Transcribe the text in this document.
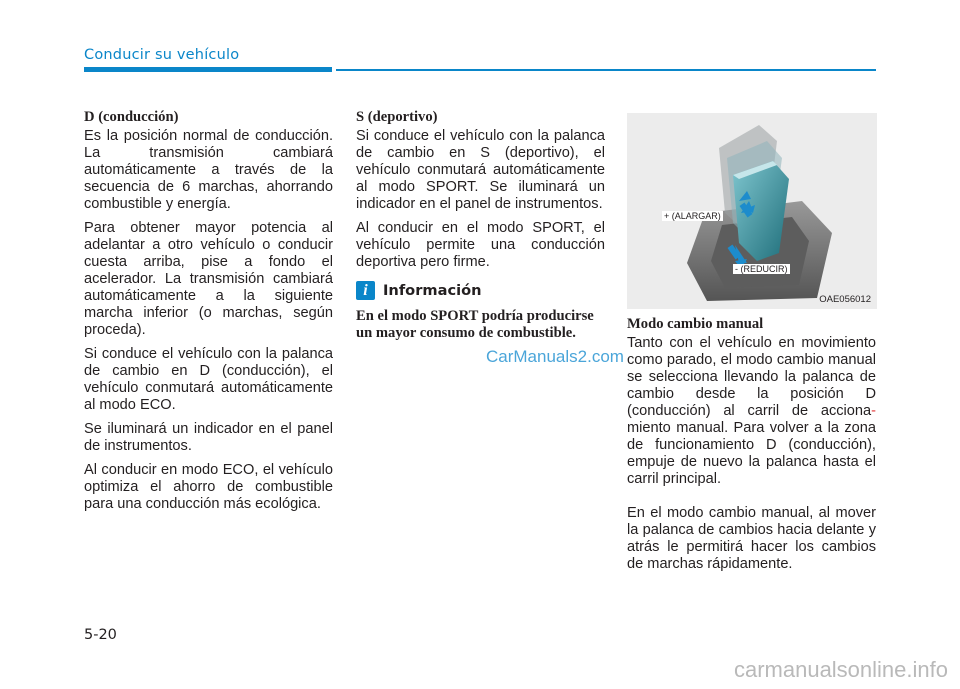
Conducir su vehículo
D (conducción)

Es la posición normal de conducción. La transmisión cambiará automáticamente a través de la secuencia de 6 marchas, ahorrando combustible y energía.

Para obtener mayor potencia al adelantar a otro vehículo o conducir cuesta arriba, pise a fondo el acelerador. La transmisión cambiará automáticamente a la siguiente marcha inferior (o marchas, según proceda).

Si conduce el vehículo con la palanca de cambio en D (conducción), el vehículo conmutará automáticamente al modo ECO.

Se iluminará un indicador en el panel de instrumentos.

Al conducir en modo ECO, el vehículo optimiza el ahorro de combustible para una conducción más ecológica.

S (deportivo)

Si conduce el vehículo con la palanca de cambio en S (deportivo), el vehículo conmutará automáticamente al modo SPORT. Se iluminará un indicador en el panel de instrumentos.

Al conducir en el modo SPORT, el vehículo permite una conducción deportiva pero firme.

i	Información
En el modo SPORT podría producirse un mayor consumo de combustible.
+ (ALARGAR)
- (REDUCIR)
OAE056012
Modo cambio manual

Tanto con el vehículo en movimiento como parado, el modo cambio manual se selecciona llevando la palanca de cambio desde la posición D (conducción) al carril de acciona- miento manual. Para volver a la zona de funcionamiento D (conducción), empuje de nuevo la palanca hasta el carril principal.

En el modo cambio manual, al mover la palanca de cambios hacia delante y atrás le permitirá hacer los cambios de marchas rápidamente.

CarManuals2.com
5-20
carmanualsonline.info
